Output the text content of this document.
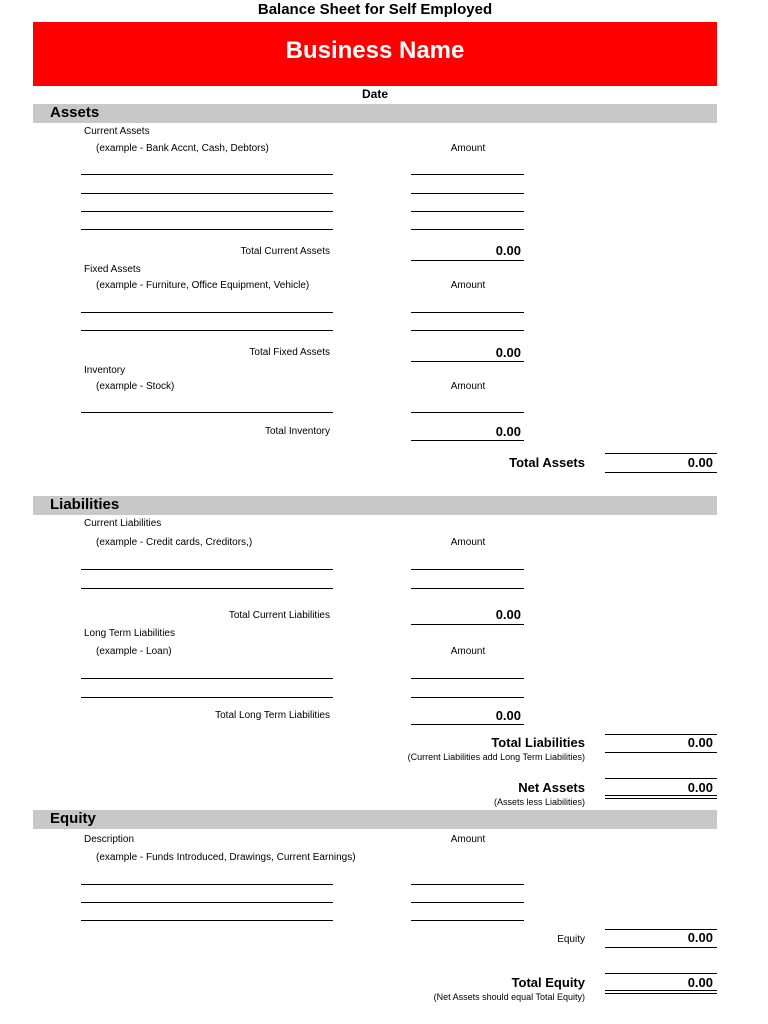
Balance Sheet for Self Employed
Business Name
Date
Assets
Current Assets
(example - Bank Accnt, Cash, Debtors)	Amount
Total Current Assets	0.00
Fixed Assets
(example - Furniture, Office Equipment, Vehicle)	Amount
Total Fixed Assets	0.00
Inventory
(example - Stock)	Amount
Total Inventory	0.00
Total Assets	0.00
Liabilities
Current Liabilities
(example - Credit cards, Creditors,)	Amount
Total Current Liabilities	0.00
Long Term Liabilities
(example - Loan)	Amount
Total Long Term Liabilities	0.00
Total Liabilities	0.00
(Current Liabilities add Long Term Liabilities)
Net Assets	0.00
(Assets less Liabilities)
Equity
Description	Amount
(example - Funds Introduced, Drawings, Current Earnings)
Equity	0.00
Total Equity	0.00
(Net Assets should equal Total Equity)
